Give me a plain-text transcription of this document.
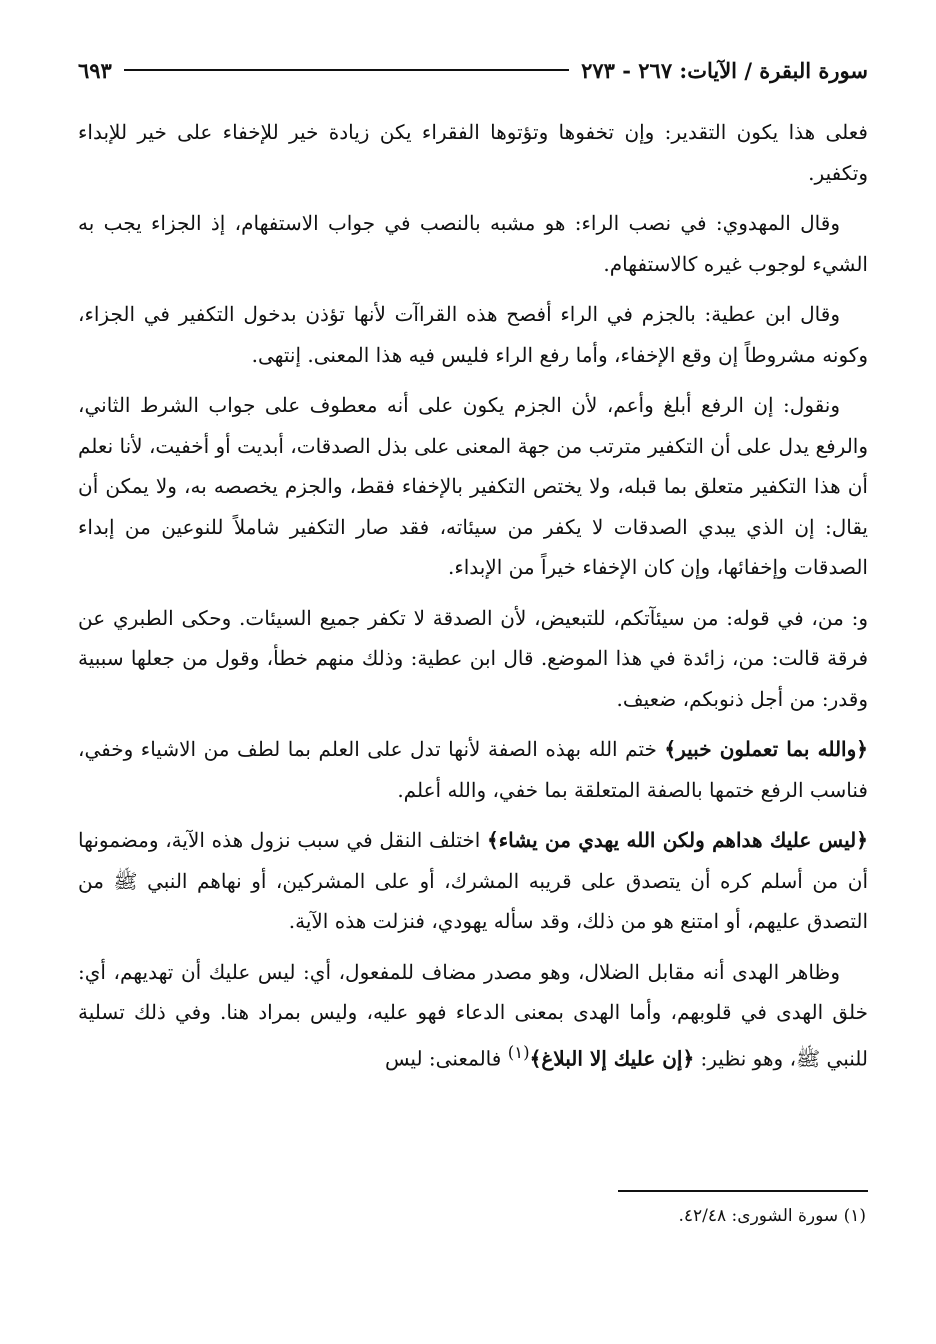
سورة البقرة / الآيات: ٢٦٧ - ٢٧٣
٦٩٣

فعلى هذا يكون التقدير: وإن تخفوها وتؤتوها الفقراء يكن زيادة خير للإخفاء على خير للإبداء وتكفير.

وقال المهدوي: في نصب الراء: هو مشبه بالنصب في جواب الاستفهام، إذ الجزاء يجب به الشيء لوجوب غيره كالاستفهام.

وقال ابن عطية: بالجزم في الراء أفصح هذه القراآت لأنها تؤذن بدخول التكفير في الجزاء، وكونه مشروطاً إن وقع الإخفاء، وأما رفع الراء فليس فيه هذا المعنى. إنتهى.

ونقول: إن الرفع أبلغ وأعم، لأن الجزم يكون على أنه معطوف على جواب الشرط الثاني، والرفع يدل على أن التكفير مترتب من جهة المعنى على بذل الصدقات، أبديت أو أخفيت، لأنا نعلم أن هذا التكفير متعلق بما قبله، ولا يختص التكفير بالإخفاء فقط، والجزم يخصصه به، ولا يمكن أن يقال: إن الذي يبدي الصدقات لا يكفر من سيئاته، فقد صار التكفير شاملاً للنوعين من إبداء الصدقات وإخفائها، وإن كان الإخفاء خيراً من الإبداء.

و: من، في قوله: من سيئآتكم، للتبعيض، لأن الصدقة لا تكفر جميع السيئات. وحكى الطبري عن فرقة قالت: من، زائدة في هذا الموضع. قال ابن عطية: وذلك منهم خطأ، وقول من جعلها سببية وقدر: من أجل ذنوبكم، ضعيف.

﴿والله بما تعملون خبير﴾ ختم الله بهذه الصفة لأنها تدل على العلم بما لطف من الاشياء وخفي، فناسب الرفع ختمها بالصفة المتعلقة بما خفي، والله أعلم.

﴿ليس عليك هداهم ولكن الله يهدي من يشاء﴾ اختلف النقل في سبب نزول هذه الآية، ومضمونها أن من أسلم كره أن يتصدق على قريبه المشرك، أو على المشركين، أو نهاهم النبي ﷺ من التصدق عليهم، أو امتنع هو من ذلك، وقد سأله يهودي، فنزلت هذه الآية.

وظاهر الهدى أنه مقابل الضلال، وهو مصدر مضاف للمفعول، أي: ليس عليك أن تهديهم، أي: خلق الهدى في قلوبهم، وأما الهدى بمعنى الدعاء فهو عليه، وليس بمراد هنا. وفي ذلك تسلية للنبي ﷺ، وهو نظير: ﴿إن عليك إلا البلاغ﴾$^{(١)}$ فالمعنى: ليس

(١) سورة الشورى: ٤٢/٤٨.
